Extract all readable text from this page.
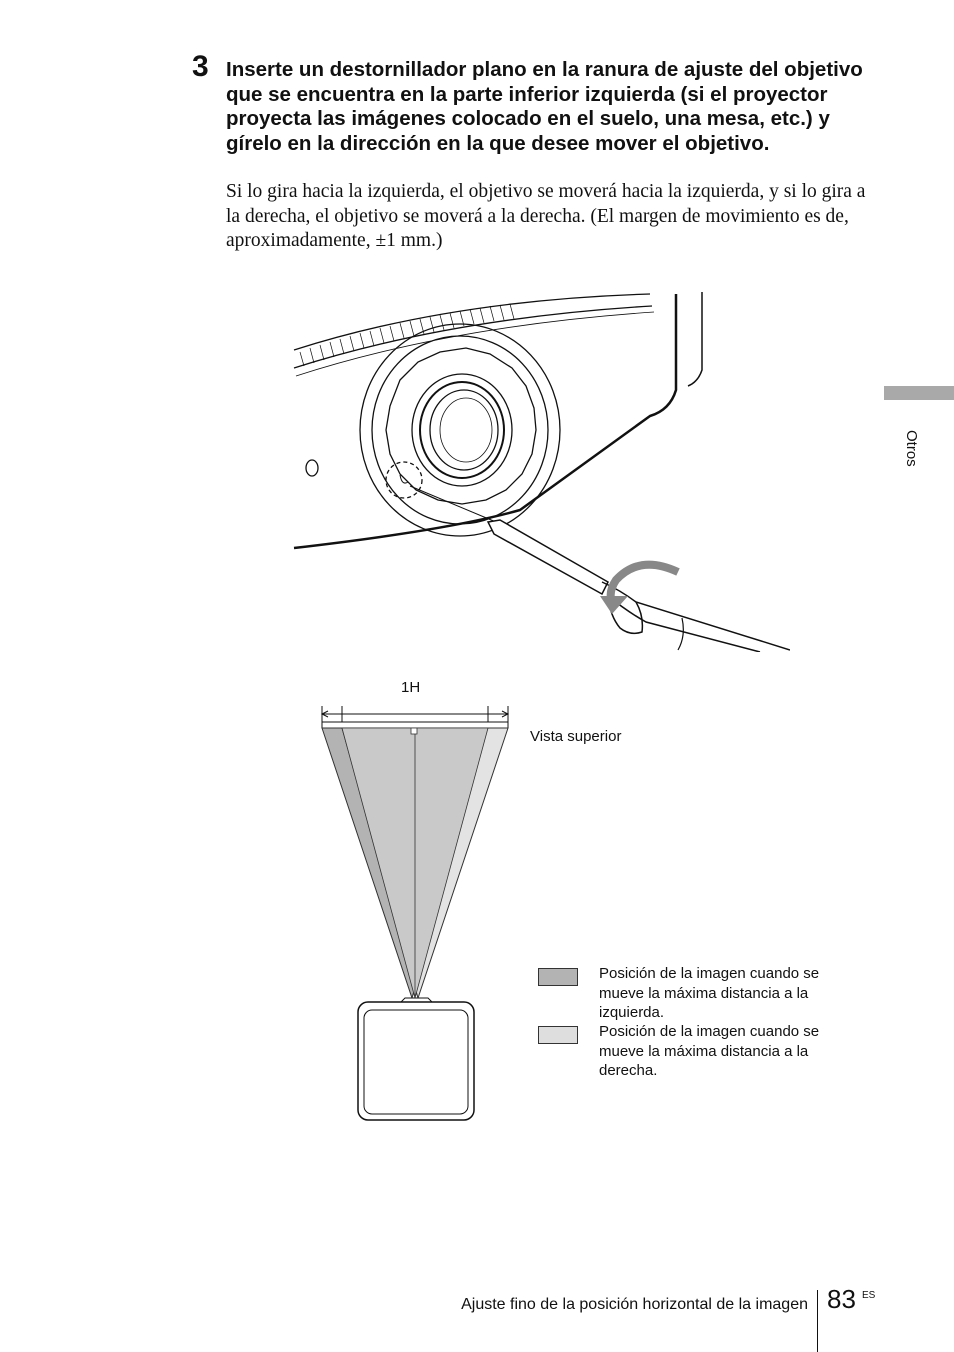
3 Inserte un destornillador plano en la ranura de ajuste del objetivo que se encuentra en la parte inferior izquierda (si el proyector proyecta las imágenes colocado en el suelo, una mesa, etc.) y gírelo en la dirección en la que desee mover el objetivo.
Si lo gira hacia la izquierda, el objetivo se moverá hacia la izquierda, y si lo gira a la derecha, el objetivo se moverá a la derecha. (El margen de movimiento es de, aproximadamente, ±1 mm.)
Otros
1H
Vista superior
Posición de la imagen cuando se mueve la máxima distancia a la izquierda.
Posición de la imagen cuando se mueve la máxima distancia a la derecha.
Ajuste fino de la posición horizontal de la imagen 83 ES
